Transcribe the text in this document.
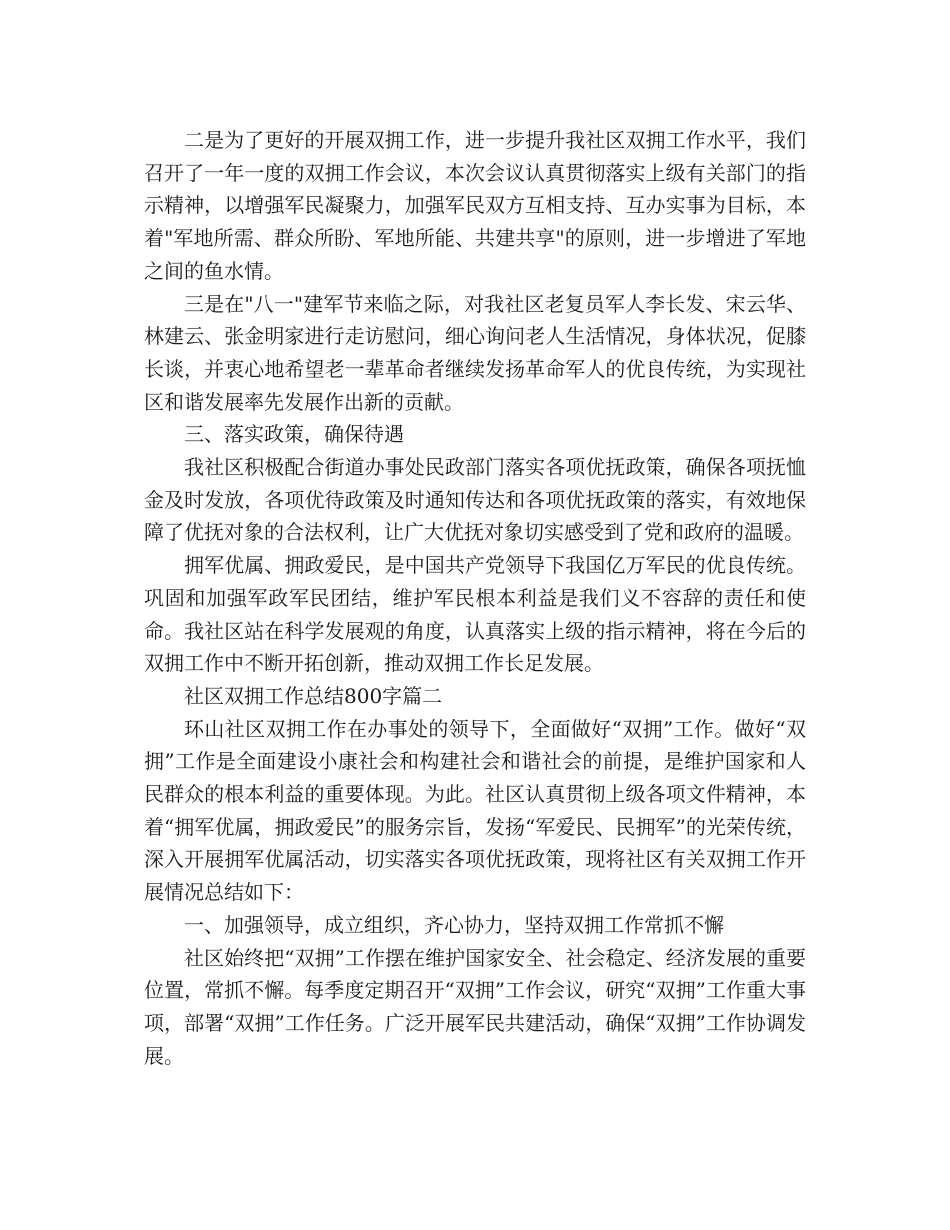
二是为了更好的开展双拥工作，进一步提升我社区双拥工作水平，我们召开了一年一度的双拥工作会议，本次会议认真贯彻落实上级有关部门的指示精神，以增强军民凝聚力，加强军民双方互相支持、互办实事为目标，本着"军地所需、群众所盼、军地所能、共建共享"的原则，进一步增进了军地之间的鱼水情。

三是在"八一"建军节来临之际，对我社区老复员军人李长发、宋云华、林建云、张金明家进行走访慰问，细心询问老人生活情况，身体状况，促膝长谈，并衷心地希望老一辈革命者继续发扬革命军人的优良传统，为实现社区和谐发展率先发展作出新的贡献。

三、落实政策，确保待遇

我社区积极配合街道办事处民政部门落实各项优抚政策，确保各项抚恤金及时发放，各项优待政策及时通知传达和各项优抚政策的落实，有效地保障了优抚对象的合法权利，让广大优抚对象切实感受到了党和政府的温暖。

拥军优属、拥政爱民，是中国共产党领导下我国亿万军民的优良传统。巩固和加强军政军民团结，维护军民根本利益是我们义不容辞的责任和使命。我社区站在科学发展观的角度，认真落实上级的指示精神，将在今后的双拥工作中不断开拓创新，推动双拥工作长足发展。

社区双拥工作总结800字篇二

环山社区双拥工作在办事处的领导下，全面做好“双拥”工作。做好“双拥”工作是全面建设小康社会和构建社会和谐社会的前提，是维护国家和人民群众的根本利益的重要体现。为此。社区认真贯彻上级各项文件精神，本着“拥军优属，拥政爱民”的服务宗旨，发扬“军爱民、民拥军”的光荣传统，深入开展拥军优属活动，切实落实各项优抚政策，现将社区有关双拥工作开展情况总结如下：

一、加强领导，成立组织，齐心协力，坚持双拥工作常抓不懈

社区始终把“双拥”工作摆在维护国家安全、社会稳定、经济发展的重要位置，常抓不懈。每季度定期召开“双拥”工作会议，研究“双拥”工作重大事项，部署“双拥”工作任务。广泛开展军民共建活动，确保“双拥”工作协调发展。
